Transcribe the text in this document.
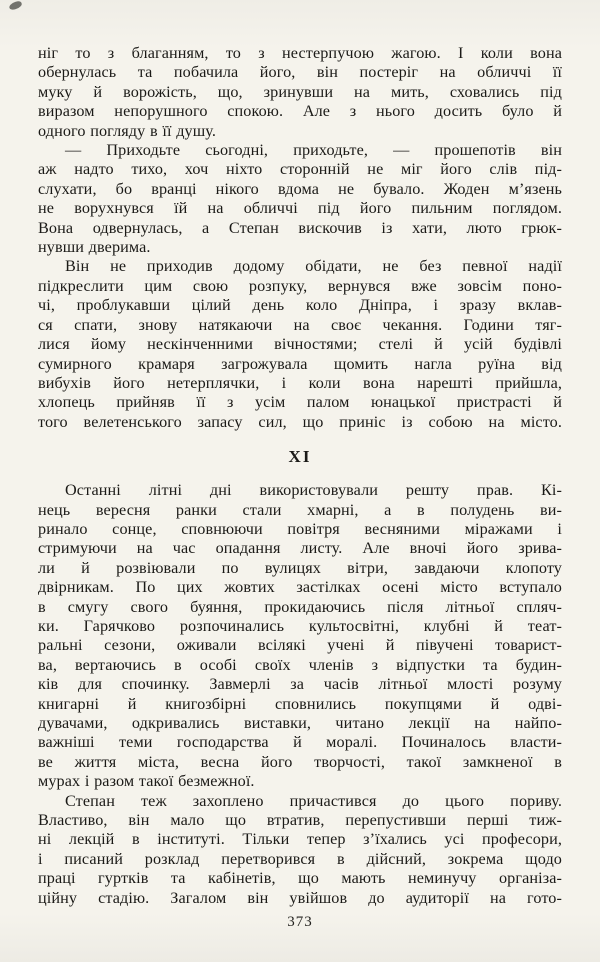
ніг то з благанням, то з нестерпучою жагою. І коли вона
обернулась та побачила його, він постеріг на обличчі її
муку й ворожість, що, зринувши на мить, сховались під
виразом непорушного спокою. Але з нього досить було й
одного погляду в її душу.
— Приходьте сьогодні, приходьте, — прошепотів він
аж надто тихо, хоч ніхто сторонній не міг його слів під-
слухати, бо вранці нікого вдома не бувало. Жоден м’язень
не ворухнувся їй на обличчі під його пильним поглядом.
Вона одвернулась, а Степан вискочив із хати, люто грюк-
нувши дверима.
Він не приходив додому обідати, не без певної надії
підкреслити цим свою розпуку, вернувся вже зовсім поно-
чі, проблукавши цілий день коло Дніпра, і зразу вклав-
ся спати, знову натякаючи на своє чекання. Години тяг-
лися йому нескінченними вічностями; стелі й усій будівлі
сумирного крамаря загрожувала щомить нагла руїна від
вибухів його нетерплячки, і коли вона нарешті прийшла,
хлопець прийняв її з усім палом юнацької пристрасті й
того велетенського запасу сил, що приніс із собою на місто.
XI
Останні літні дні використовували решту прав. Кі-
нець вересня ранки стали хмарні, а в полудень ви-
ринало сонце, сповнюючи повітря весняними міражами і
стримуючи на час опадання листу. Але вночі його зрива-
ли й розвіювали по вулицях вітри, завдаючи клопоту
двірникам. По цих жовтих застілках осені місто вступало
в смугу свого буяння, прокидаючись після літньої спляч-
ки. Гарячково розпочинались культосвітні, клубні й теат-
ральні сезони, оживали всілякі учені й півучені товарист-
ва, вертаючись в особі своїх членів з відпустки та будин-
ків для спочинку. Завмерлі за часів літньої млості розуму
книгарні й книгозбірні сповнились покупцями й одві-
дувачами, одкривались виставки, читано лекції на найпо-
важніші теми господарства й моралі. Починалось власти-
ве життя міста, весна його творчості, такої замкненої в
мурах і разом такої безмежної.
Степан теж захоплено причастився до цього пориву.
Властиво, він мало що втратив, перепустивши перші тиж-
ні лекцій в інституті. Тільки тепер з’їхались усі професори,
і писаний розклад перетворився в дійсний, зокрема щодо
праці гуртків та кабінетів, що мають неминучу організа-
ційну стадію. Загалом він увійшов до аудиторії на гото-
373
